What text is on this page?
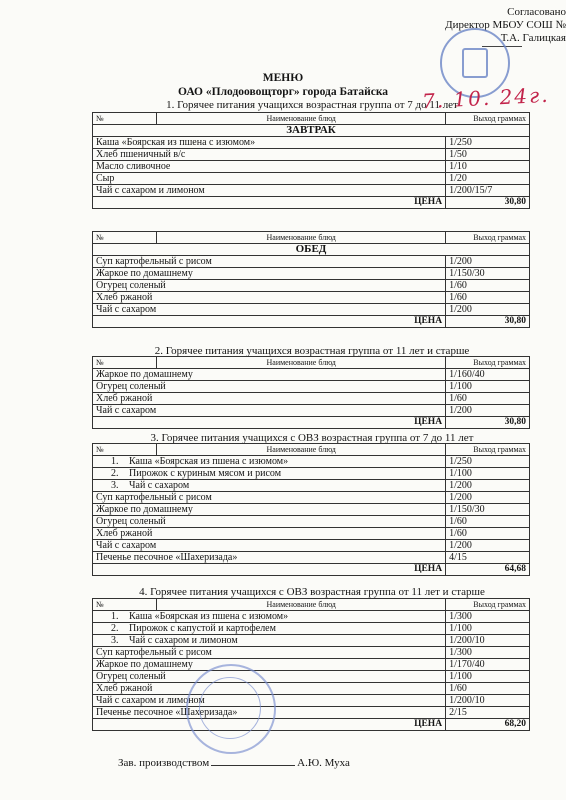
Согласовано
Директор МБОУ СОШ №
Т.А. Галицкая
7. 10. 24г.
МЕНЮ
ОАО «Плодоовощторг» города Батайска
1. Горячее питания учащихся возрастная группа от 7 до 11 лет
2. Горячее питания учащихся возрастная группа от 11 лет и старше
3. Горячее питания учащихся с ОВЗ возрастная группа от 7 до 11 лет
4. Горячее питания учащихся с ОВЗ возрастная группа от 11 лет и старше
№	Наименование блюд	Выход граммах
ЗАВТРАК		
Каша «Боярская из пшена с изюмом»		1/250
Хлеб пшеничный в/с		1/50
Масло сливочное		1/10
Сыр		1/20
Чай с сахаром и лимоном		1/200/15/7
ЦЕНА		30,80
№	Наименование блюд	Выход граммах
ОБЕД		
Суп картофельный с рисом		1/200
Жаркое по домашнему		1/150/30
Огурец соленый		1/60
Хлеб ржаной		1/60
Чай с сахаром		1/200
ЦЕНА		30,80
№	Наименование блюд	Выход граммах
Жаркое по домашнему		1/160/40
Огурец соленый		1/100
Хлеб ржаной		1/60
Чай с сахаром		1/200
ЦЕНА		30,80
№	Наименование блюд	Выход граммах
1. Каша «Боярская из пшена с изюмом»		1/250
2. Пирожок с куриным мясом и рисом		1/100
3. Чай с сахаром		1/200
Суп картофельный с рисом		1/200
Жаркое по домашнему		1/150/30
Огурец соленый		1/60
Хлеб ржаной		1/60
Чай с сахаром		1/200
Печенье песочное «Шахеризада»		4/15
ЦЕНА		64,68
№	Наименование блюд	Выход граммах
1. Каша «Боярская из пшена с изюмом»		1/300
2. Пирожок с капустой и картофелем		1/100
3. Чай с сахаром и лимоном		1/200/10
Суп картофельный с рисом		1/300
Жаркое по домашнему		1/170/40
Огурец соленый		1/100
Хлеб ржаной		1/60
Чай с сахаром и лимоном		1/200/10
Печенье песочное «Шахеризада»		2/15
ЦЕНА		68,20
Зав. производством	А.Ю. Муха
